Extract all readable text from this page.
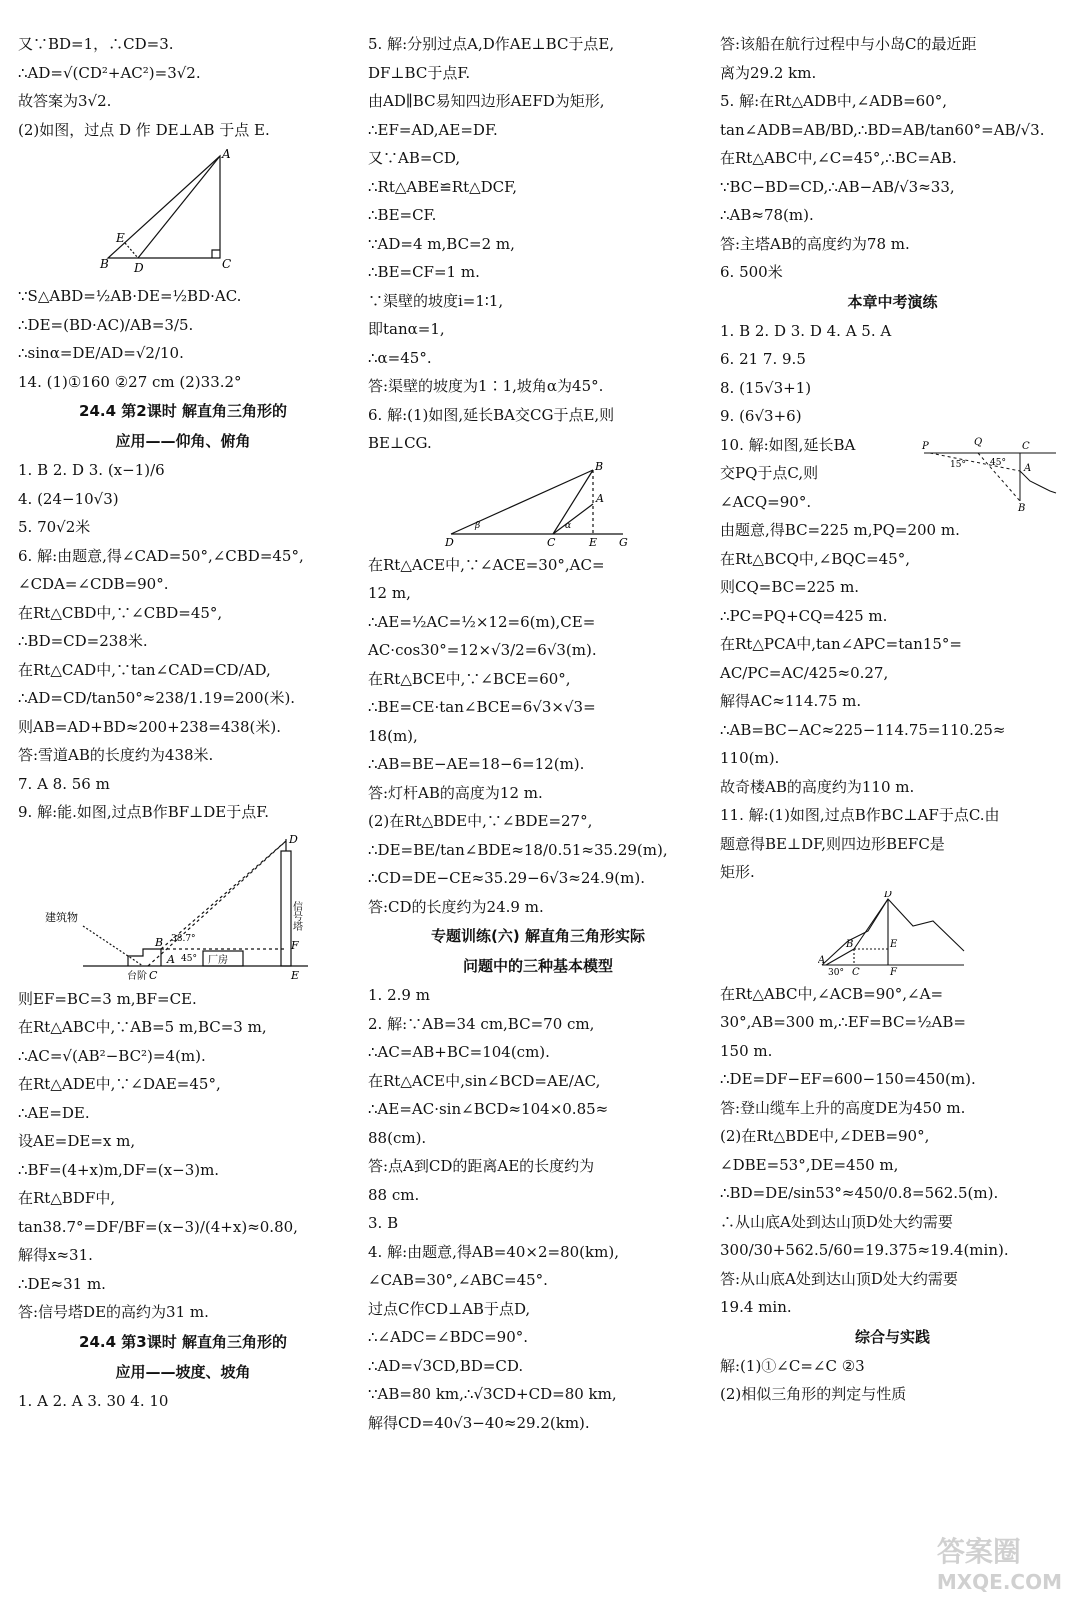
又∵BD=1，∴CD=3.
∴AD=√(CD²+AC²)=3√2.
故答案为3√2.
(2)如图，过点 D 作 DE⊥AB 于点 E.
A
B	C
D
E
∵S△ABD=½AB·DE=½BD·AC.
∴DE=(BD·AC)/AB=3/5.
∴sinα=DE/AD=√2/10.
14. (1)①160 ②27 cm (2)33.2°
24.4 第2课时 解直角三角形的
应用——仰角、俯角
1. B 2. D 3. (x−1)/6
4. (24−10√3)
5. 70√2米
6. 解:由题意,得∠CAD=50°,∠CBD=45°,
∠CDA=∠CDB=90°.
在Rt△CBD中,∵∠CBD=45°,
∴BD=CD=238米.
在Rt△CAD中,∵tan∠CAD=CD/AD,
∴AD=CD/tan50°≈238/1.19=200(米).
则AB=AD+BD≈200+238=438(米).
答:雪道AB的长度约为438米.
7. A 8. 56 m
9. 解:能.如图,过点B作BF⊥DE于点F.
D
F
E
B
A
C
45°
38.7°
建筑物
台阶
厂房
信号塔
则EF=BC=3 m,BF=CE.
在Rt△ABC中,∵AB=5 m,BC=3 m,
∴AC=√(AB²−BC²)=4(m).
在Rt△ADE中,∵∠DAE=45°,
∴AE=DE.
设AE=DE=x m,
∴BF=(4+x)m,DF=(x−3)m.
在Rt△BDF中,
tan38.7°=DF/BF=(x−3)/(4+x)≈0.80,
解得x≈31.
∴DE≈31 m.
答:信号塔DE的高约为31 m.
24.4 第3课时 解直角三角形的
应用——坡度、坡角
1. A 2. A 3. 30 4. 10
5. 解:分别过点A,D作AE⊥BC于点E,
DF⊥BC于点F.
由AD∥BC易知四边形AEFD为矩形,
∴EF=AD,AE=DF.
又∵AB=CD,
∴Rt△ABE≌Rt△DCF,
∴BE=CF.
∵AD=4 m,BC=2 m,
∴BE=CF=1 m.
∵渠壁的坡度i=1∶1,
即tanα=1,
∴α=45°.
答:渠壁的坡度为1∶1,坡角α为45°.
6. 解:(1)如图,延长BA交CG于点E,则
BE⊥CG.
B
A
D	C	E G
β	α
在Rt△ACE中,∵∠ACE=30°,AC=
12 m,
∴AE=½AC=½×12=6(m),CE=
AC·cos30°=12×√3/2=6√3(m).
在Rt△BCE中,∵∠BCE=60°,
∴BE=CE·tan∠BCE=6√3×√3=
18(m),
∴AB=BE−AE=18−6=12(m).
答:灯杆AB的高度为12 m.
(2)在Rt△BDE中,∵∠BDE=27°,
∴DE=BE/tan∠BDE≈18/0.51≈35.29(m),
∴CD=DE−CE≈35.29−6√3≈24.9(m).
答:CD的长度约为24.9 m.
专题训练(六) 解直角三角形实际
问题中的三种基本模型
1. 2.9 m
2. 解:∵AB=34 cm,BC=70 cm,
∴AC=AB+BC=104(cm).
在Rt△ACE中,sin∠BCD=AE/AC,
∴AE=AC·sin∠BCD≈104×0.85≈
88(cm).
答:点A到CD的距离AE的长度约为
88 cm.
3. B
4. 解:由题意,得AB=40×2=80(km),
∠CAB=30°,∠ABC=45°.
过点C作CD⊥AB于点D,
∴∠ADC=∠BDC=90°.
∴AD=√3CD,BD=CD.
∵AB=80 km,∴√3CD+CD=80 km,
解得CD=40√3−40≈29.2(km).
答:该船在航行过程中与小岛C的最近距
离为29.2 km.
5. 解:在Rt△ADB中,∠ADB=60°,
tan∠ADB=AB/BD,∴BD=AB/tan60°=AB/√3.
在Rt△ABC中,∠C=45°,∴BC=AB.
∵BC−BD=CD,∴AB−AB/√3≈33,
∴AB≈78(m).
答:主塔AB的高度约为78 m.
6. 500米
本章中考演练
1. B 2. D 3. D 4. A 5. A
6. 21 7. 9.5
8. (15√3+1)
9. (6√3+6)
10. 解:如图,延长BA
交PQ于点C,则
∠ACQ=90°.
P	Q	C
A
B
45°
15°
由题意,得BC=225 m,PQ=200 m.
在Rt△BCQ中,∠BQC=45°,
则CQ=BC=225 m.
∴PC=PQ+CQ=425 m.
在Rt△PCA中,tan∠APC=tan15°=
AC/PC=AC/425≈0.27,
解得AC≈114.75 m.
∴AB=BC−AC≈225−114.75=110.25≈
110(m).
故奇楼AB的高度约为110 m.
11. 解:(1)如图,过点B作BC⊥AF于点C.由
题意得BE⊥DF,则四边形BEFC是
矩形.
D
B	E
A
C	F
30°
在Rt△ABC中,∠ACB=90°,∠A=
30°,AB=300 m,∴EF=BC=½AB=
150 m.
∴DE=DF−EF=600−150=450(m).
答:登山缆车上升的高度DE为450 m.
(2)在Rt△BDE中,∠DEB=90°,
∠DBE=53°,DE=450 m,
∴BD=DE/sin53°≈450/0.8=562.5(m).
∴从山底A处到达山顶D处大约需要
300/30+562.5/60=19.375≈19.4(min).
答:从山底A处到达山顶D处大约需要
19.4 min.
综合与实践
解:(1)①∠C=∠C ②3
(2)相似三角形的判定与性质
答案圈
MXQE.COM
